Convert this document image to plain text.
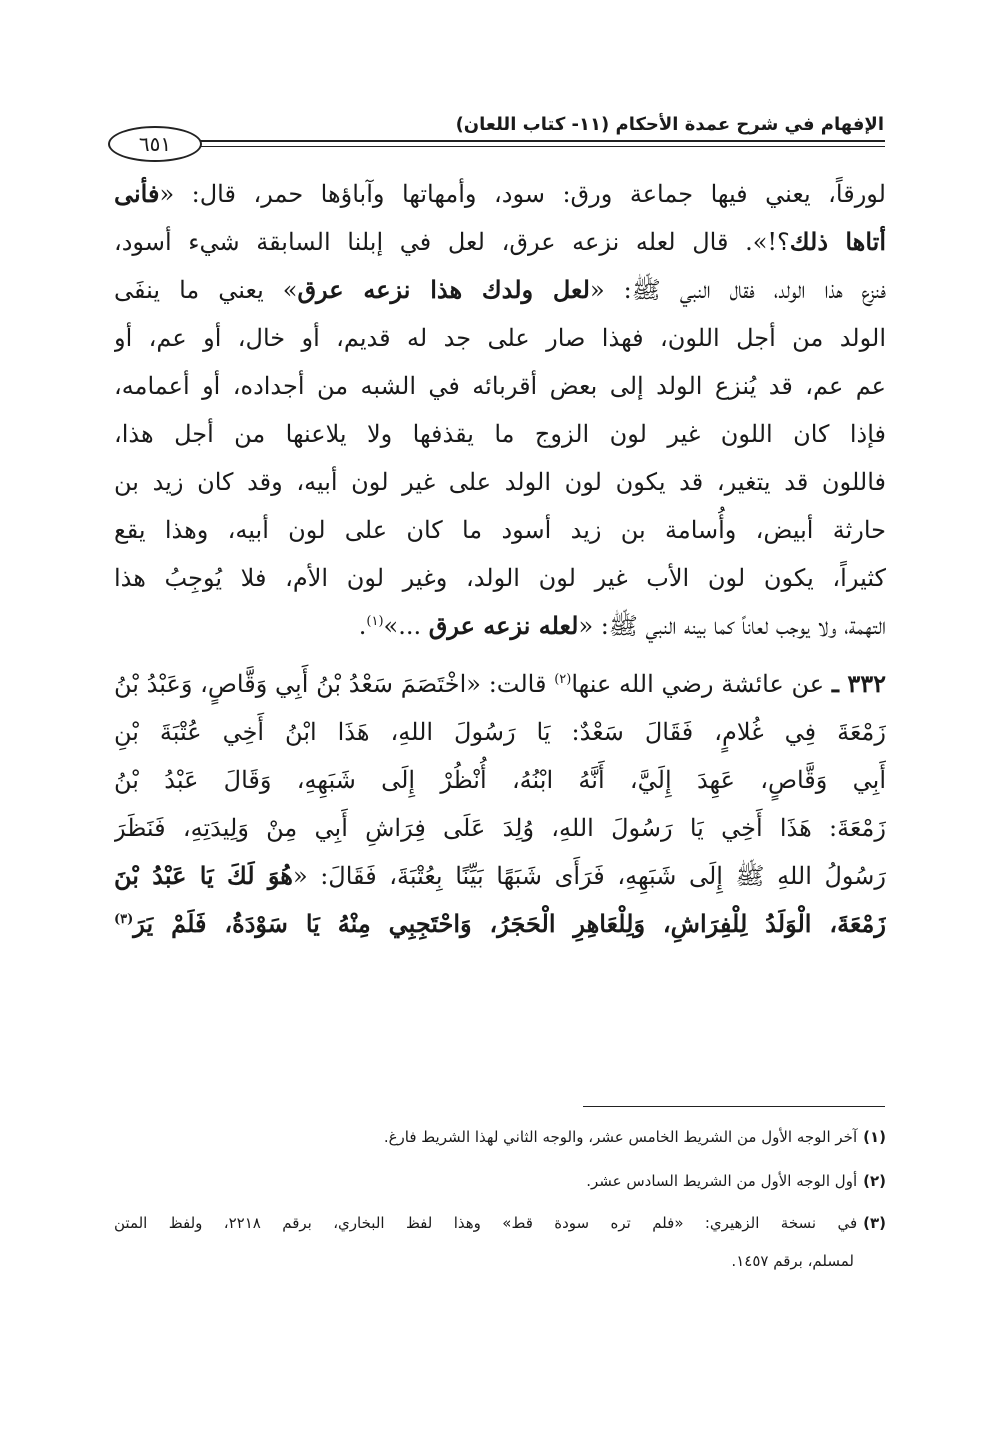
الإفهام في شرح عمدة الأحكام (١١- كتاب اللعان)
٦٥١
لورقاً، يعني فيها جماعة ورق: سود، وأمهاتها وآباؤها حمر، قال: «فأنى
أتاها ذلك؟!». قال لعله نزعه عرق، لعل في إبلنا السابقة شيء أسود،
فنزع هذا الولد، فقال النبي ﷺ: «لعل ولدك هذا نزعه عرق» يعني ما ينفَى
الولد من أجل اللون، فهذا صار على جد له قديم، أو خال، أو عم، أو
عم عم، قد يُنزع الولد إلى بعض أقربائه في الشبه من أجداده، أو أعمامه،
فإذا كان اللون غير لون الزوج ما يقذفها ولا يلاعنها من أجل هذا،
فاللون قد يتغير، قد يكون لون الولد على غير لون أبيه، وقد كان زيد بن
حارثة أبيض، وأُسامة بن زيد أسود ما كان على لون أبيه، وهذا يقع
كثيراً، يكون لون الأب غير لون الولد، وغير لون الأم، فلا يُوجِبُ هذا
التهمة، ولا يوجب لعاناً كما بينه النبي ﷺ: «لعله نزعه عرق ...»$^{(١)}$.
٣٣٢ ـ عن عائشة رضي الله عنها$^{(٢)}$ قالت: «اخْتَصَمَ سَعْدُ بْنُ أَبِي وَقَّاصٍ، وَعَبْدُ بْنُ
زَمْعَةَ فِي غُلامٍ، فَقَالَ سَعْدٌ: يَا رَسُولَ اللهِ، هَذَا ابْنُ أَخِي عُتْبَةَ بْنِ
أَبِي وَقَّاصٍ، عَهِدَ إِلَيَّ، أَنَّهُ ابْنُهُ، أُنْظُرْ إِلَى شَبَهِهِ، وَقَالَ عَبْدُ بْنُ
زَمْعَةَ: هَذَا أَخِي يَا رَسُولَ اللهِ، وُلِدَ عَلَى فِرَاشِ أَبِي مِنْ وَلِيدَتِهِ، فَنَظَرَ
رَسُولُ اللهِ ﷺ إِلَى شَبَهِهِ، فَرَأَى شَبَهًا بَيِّنًا بِعُتْبَةَ، فَقَالَ: «هُوَ لَكَ يَا عَبْدُ بْنَ
زَمْعَةَ، الْوَلَدُ لِلْفِرَاشِ، وَلِلْعَاهِرِ الْحَجَرُ، وَاحْتَجِبِي مِنْهُ يَا سَوْدَةُ، فَلَمْ يَرَ$^{(٣)}$
(١)آخر الوجه الأول من الشريط الخامس عشر، والوجه الثاني لهذا الشريط فارغ.
(٢)أول الوجه الأول من الشريط السادس عشر.
(٣)في نسخة الزهيري: «فلم تره سودة قط» وهذا لفظ البخاري، برقم ٢٢١٨، ولفظ المتن
لمسلم، برقم ١٤٥٧.
